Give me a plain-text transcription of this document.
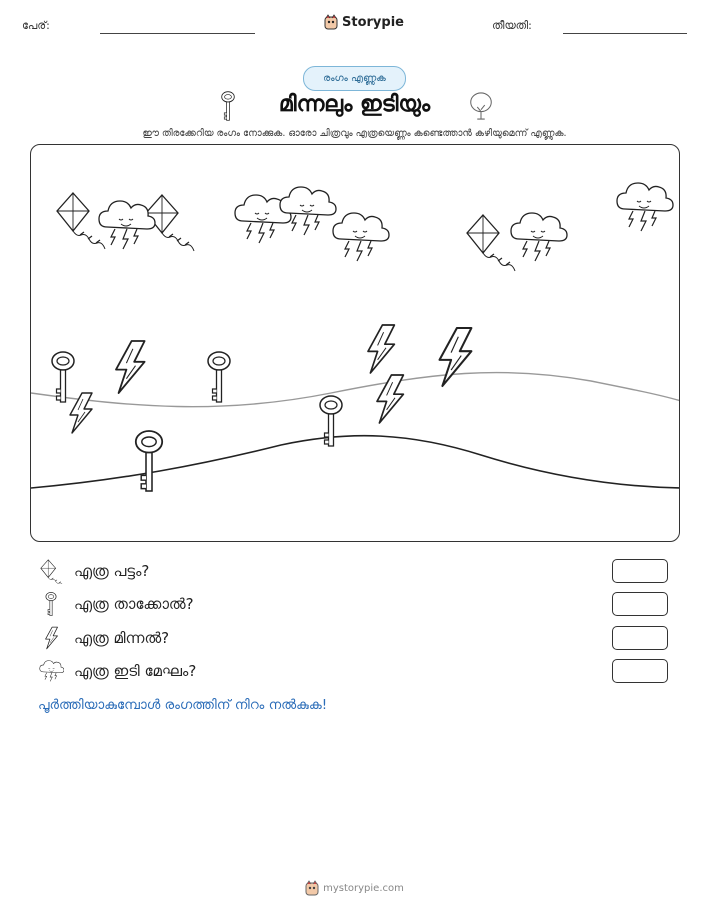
പേര്:	Storypie	തീയതി:
രംഗം എണ്ണുക
മിന്നലും ഇടിയും
ഈ തിരക്കേറിയ രംഗം നോക്കുക. ഓരോ ചിത്രവും എത്രയെണ്ണം കണ്ടെത്താൻ കഴിയുമെന്ന് എണ്ണുക.
എത്ര പട്ടം?
എത്ര താക്കോൽ?
എത്ര മിന്നൽ?
എത്ര ഇടി മേഘം?
പൂർത്തിയാകുമ്പോൾ രംഗത്തിന് നിറം നൽകുക!
mystorypie.com
